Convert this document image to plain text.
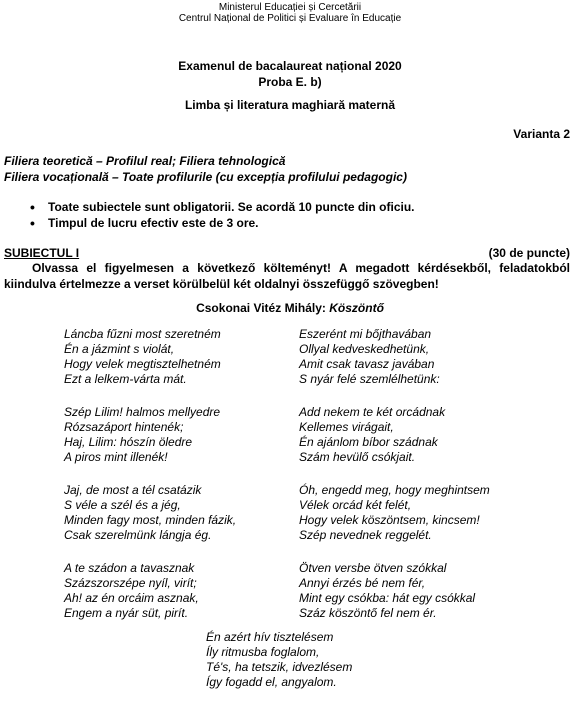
Ministerul Educației și Cercetării
Centrul Național de Politici și Evaluare în Educație
Examenul de bacalaureat național 2020
Proba E. b)
Limba și literatura maghiară maternă
Varianta 2
Filiera teoretică – Profilul real; Filiera tehnologică
Filiera vocațională – Toate profilurile (cu excepția profilului pedagogic)
• Toate subiectele sunt obligatorii. Se acordă 10 puncte din oficiu.
• Timpul de lucru efectiv este de 3 ore.
SUBIECTUL I	(30 de puncte)
Olvassa el figyelmesen a következő költeményt! A megadott kérdésekből, feladatokból kiindulva értelmezze a verset körülbelül két oldalnyi összefüggő szövegben!
Csokonai Vitéz Mihály: Köszöntő
Láncba fűzni most szeretném
Én a jázmint s violát,
Hogy velek megtisztelhetném
Ezt a lelkem-várta mát.
Szép Lilim! halmos mellyedre
Rózsazáport hintenék;
Haj, Lilim: hószín öledre
A piros mint illenék!
Jaj, de most a tél csatázik
S véle a szél és a jég,
Minden fagy most, minden fázik,
Csak szerelmünk lángja ég.
A te szádon a tavasznak
Százszorszépe nyíl, virít;
Ah! az én orcáim asznak,
Engem a nyár süt, pirít.
Eszerént mi bőjthavában
Ollyal kedveskedhetünk,
Amit csak tavasz javában
S nyár felé szemlélhetünk:
Add nekem te két orcádnak
Kellemes virágait,
Én ajánlom bíbor szádnak
Szám hevülő csókjait.
Óh, engedd meg, hogy meghintsem
Vélek orcád két felét,
Hogy velek köszöntsem, kincsem!
Szép nevednek reggelét.
Ötven versbe ötven szókkal
Annyi érzés bé nem fér,
Mint egy csókba: hát egy csókkal
Száz köszöntő fel nem ér.
Én azért hív tisztelésem
Íly ritmusba foglalom,
Té's, ha tetszik, idvezlésem
Így fogadd el, angyalom.
